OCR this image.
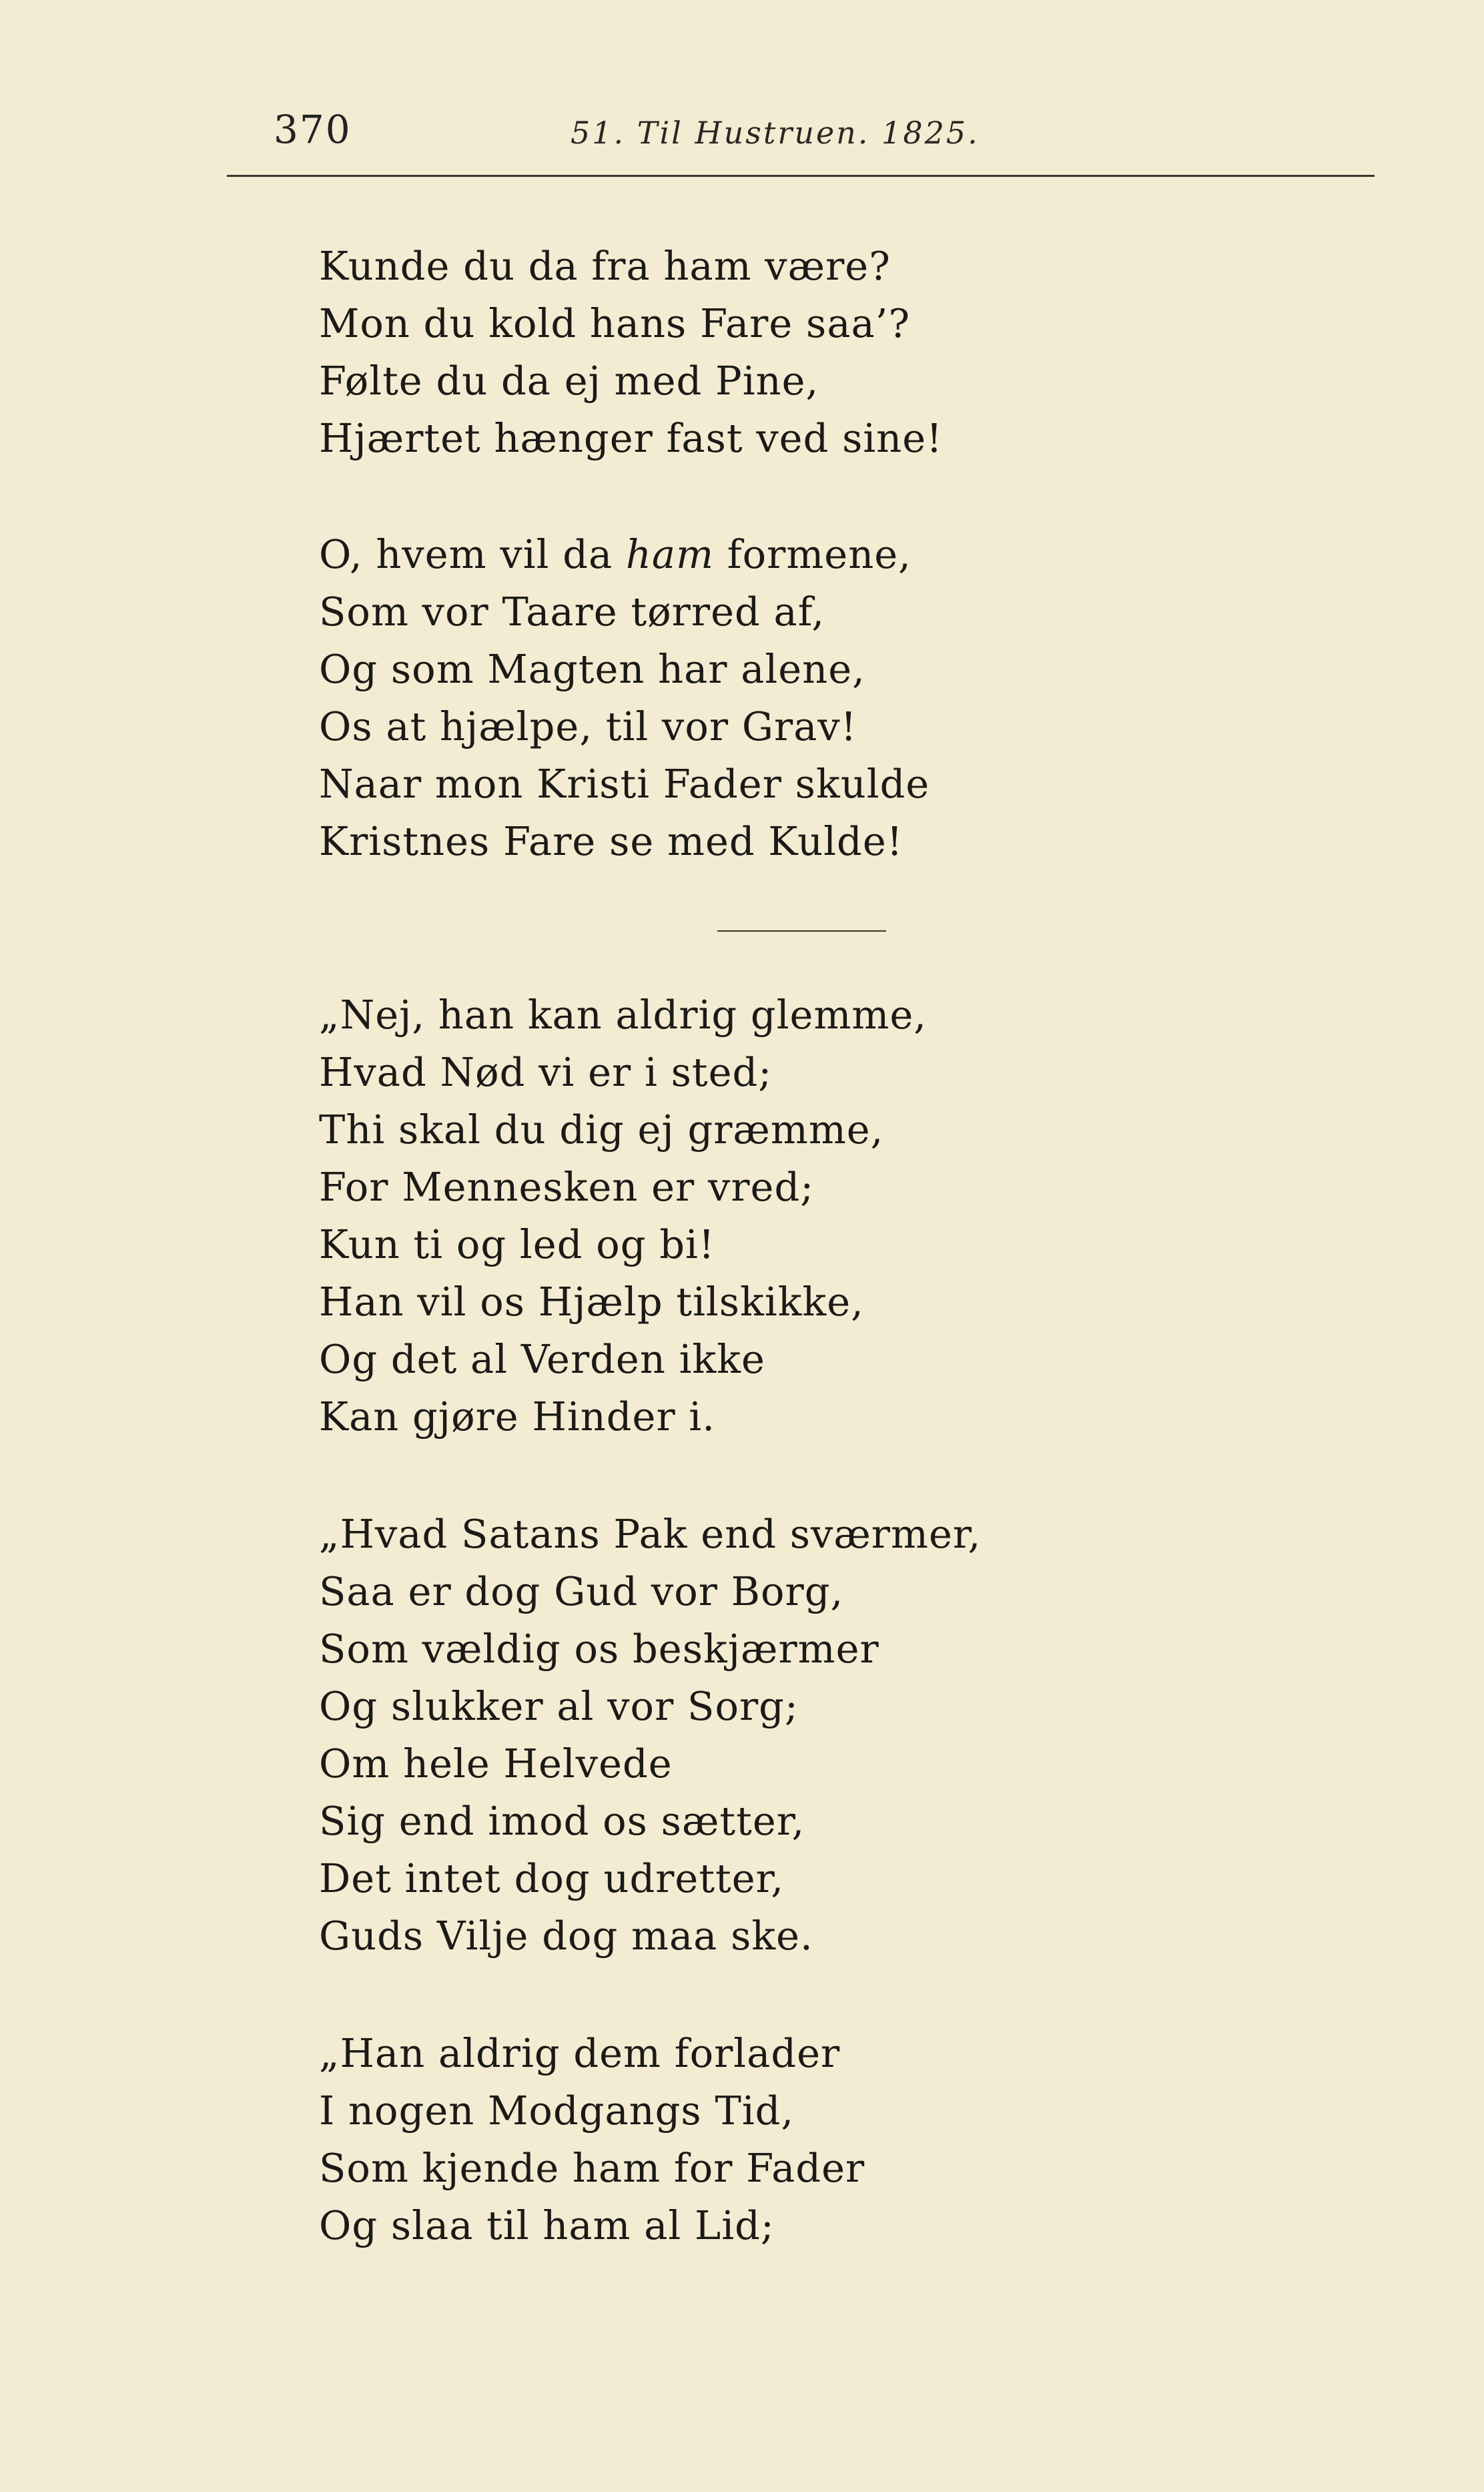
370	51. Til Hustruen. 1825.
Kunde du da fra ham være?
Mon du kold hans Fare saa’?
Følte du da ej med Pine,
Hjærtet hænger fast ved sine!
O, hvem vil da ham formene,
Som vor Taare tørred af,
Og som Magten har alene,
Os at hjælpe, til vor Grav!
Naar mon Kristi Fader skulde
Kristnes Fare se med Kulde!
„Nej, han kan aldrig glemme,
Hvad Nød vi er i sted;
Thi skal du dig ej græmme,
For Mennesken er vred;
Kun ti og led og bi!
Han vil os Hjælp tilskikke,
Og det al Verden ikke
Kan gjøre Hinder i.
„Hvad Satans Pak end sværmer,
Saa er dog Gud vor Borg,
Som vældig os beskjærmer
Og slukker al vor Sorg;
Om hele Helvede
Sig end imod os sætter,
Det intet dog udretter,
Guds Vilje dog maa ske.
„Han aldrig dem forlader
I nogen Modgangs Tid,
Som kjende ham for Fader
Og slaa til ham al Lid;
